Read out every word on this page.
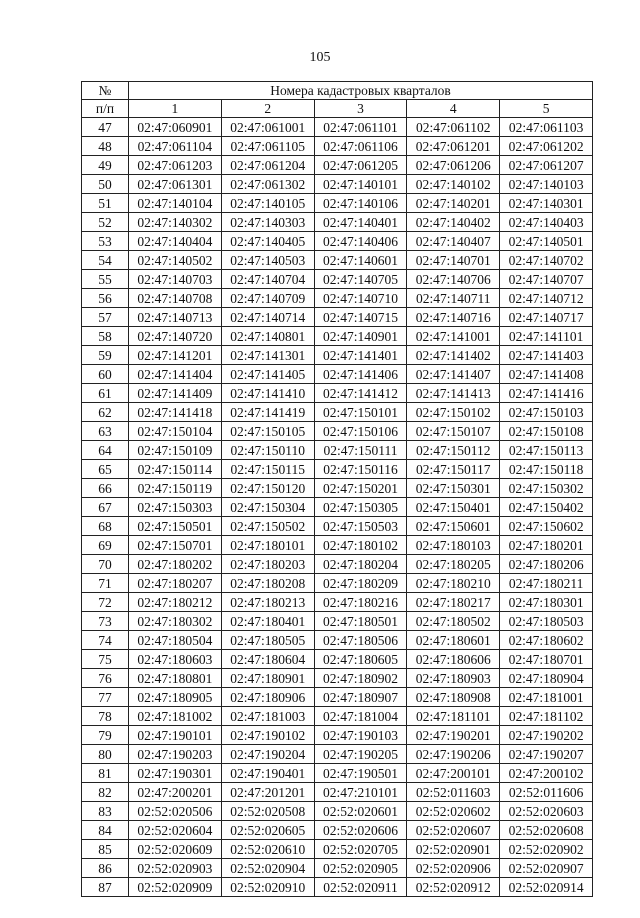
105
№	Номера кадастровых кварталов				
п/п	1	2	3	4	5
47	02:47:060901	02:47:061001	02:47:061101	02:47:061102	02:47:061103
48	02:47:061104	02:47:061105	02:47:061106	02:47:061201	02:47:061202
49	02:47:061203	02:47:061204	02:47:061205	02:47:061206	02:47:061207
50	02:47:061301	02:47:061302	02:47:140101	02:47:140102	02:47:140103
51	02:47:140104	02:47:140105	02:47:140106	02:47:140201	02:47:140301
52	02:47:140302	02:47:140303	02:47:140401	02:47:140402	02:47:140403
53	02:47:140404	02:47:140405	02:47:140406	02:47:140407	02:47:140501
54	02:47:140502	02:47:140503	02:47:140601	02:47:140701	02:47:140702
55	02:47:140703	02:47:140704	02:47:140705	02:47:140706	02:47:140707
56	02:47:140708	02:47:140709	02:47:140710	02:47:140711	02:47:140712
57	02:47:140713	02:47:140714	02:47:140715	02:47:140716	02:47:140717
58	02:47:140720	02:47:140801	02:47:140901	02:47:141001	02:47:141101
59	02:47:141201	02:47:141301	02:47:141401	02:47:141402	02:47:141403
60	02:47:141404	02:47:141405	02:47:141406	02:47:141407	02:47:141408
61	02:47:141409	02:47:141410	02:47:141412	02:47:141413	02:47:141416
62	02:47:141418	02:47:141419	02:47:150101	02:47:150102	02:47:150103
63	02:47:150104	02:47:150105	02:47:150106	02:47:150107	02:47:150108
64	02:47:150109	02:47:150110	02:47:150111	02:47:150112	02:47:150113
65	02:47:150114	02:47:150115	02:47:150116	02:47:150117	02:47:150118
66	02:47:150119	02:47:150120	02:47:150201	02:47:150301	02:47:150302
67	02:47:150303	02:47:150304	02:47:150305	02:47:150401	02:47:150402
68	02:47:150501	02:47:150502	02:47:150503	02:47:150601	02:47:150602
69	02:47:150701	02:47:180101	02:47:180102	02:47:180103	02:47:180201
70	02:47:180202	02:47:180203	02:47:180204	02:47:180205	02:47:180206
71	02:47:180207	02:47:180208	02:47:180209	02:47:180210	02:47:180211
72	02:47:180212	02:47:180213	02:47:180216	02:47:180217	02:47:180301
73	02:47:180302	02:47:180401	02:47:180501	02:47:180502	02:47:180503
74	02:47:180504	02:47:180505	02:47:180506	02:47:180601	02:47:180602
75	02:47:180603	02:47:180604	02:47:180605	02:47:180606	02:47:180701
76	02:47:180801	02:47:180901	02:47:180902	02:47:180903	02:47:180904
77	02:47:180905	02:47:180906	02:47:180907	02:47:180908	02:47:181001
78	02:47:181002	02:47:181003	02:47:181004	02:47:181101	02:47:181102
79	02:47:190101	02:47:190102	02:47:190103	02:47:190201	02:47:190202
80	02:47:190203	02:47:190204	02:47:190205	02:47:190206	02:47:190207
81	02:47:190301	02:47:190401	02:47:190501	02:47:200101	02:47:200102
82	02:47:200201	02:47:201201	02:47:210101	02:52:011603	02:52:011606
83	02:52:020506	02:52:020508	02:52:020601	02:52:020602	02:52:020603
84	02:52:020604	02:52:020605	02:52:020606	02:52:020607	02:52:020608
85	02:52:020609	02:52:020610	02:52:020705	02:52:020901	02:52:020902
86	02:52:020903	02:52:020904	02:52:020905	02:52:020906	02:52:020907
87	02:52:020909	02:52:020910	02:52:020911	02:52:020912	02:52:020914
